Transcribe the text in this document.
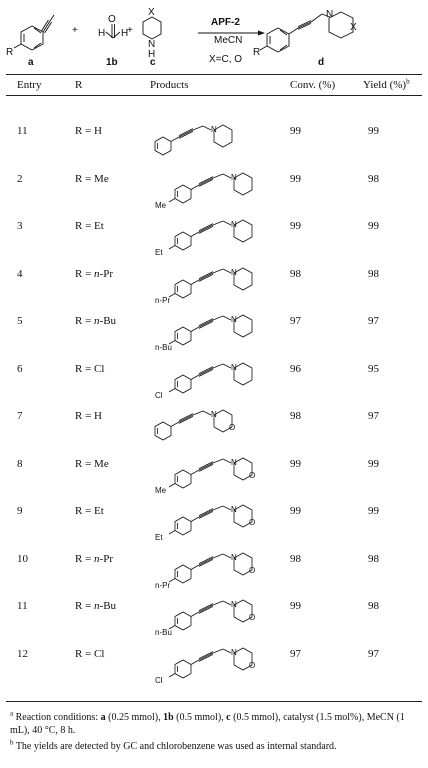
R
a
+
O
H H
1b
+
X
N
H
c
APF-2
MeCN
X=C, O
R
N
X
d
Entry	R	Products	Conv. (%)	Yield (%)$^b$
11	R = H	99	99
N
2	R = Me	99	98
N
Me
3	R = Et	99	99
N
Et
4	R = n-Pr	98	98
N
n-Pr
5	R = n-Bu	97	97
N
n-Bu
6	R = Cl	96	95
N
Cl
7	R = H	98	97
N
O
8	R = Me	99	99
N
O
Me
9	R = Et	99	99
N
O
Et
10	R = n-Pr	98	98
N
O
n-Pr
11	R = n-Bu	99	98
N
O
n-Bu
12	R = Cl	97	97
N
O
Cl
$^a$ Reaction conditions: a (0.25 mmol), 1b (0.5 mmol), c (0.5 mmol), catalyst (1.5 mol%), MeCN (1 mL), 40 °C, 8 h.
$^b$ The yields are detected by GC and chlorobenzene was used as internal standard.
